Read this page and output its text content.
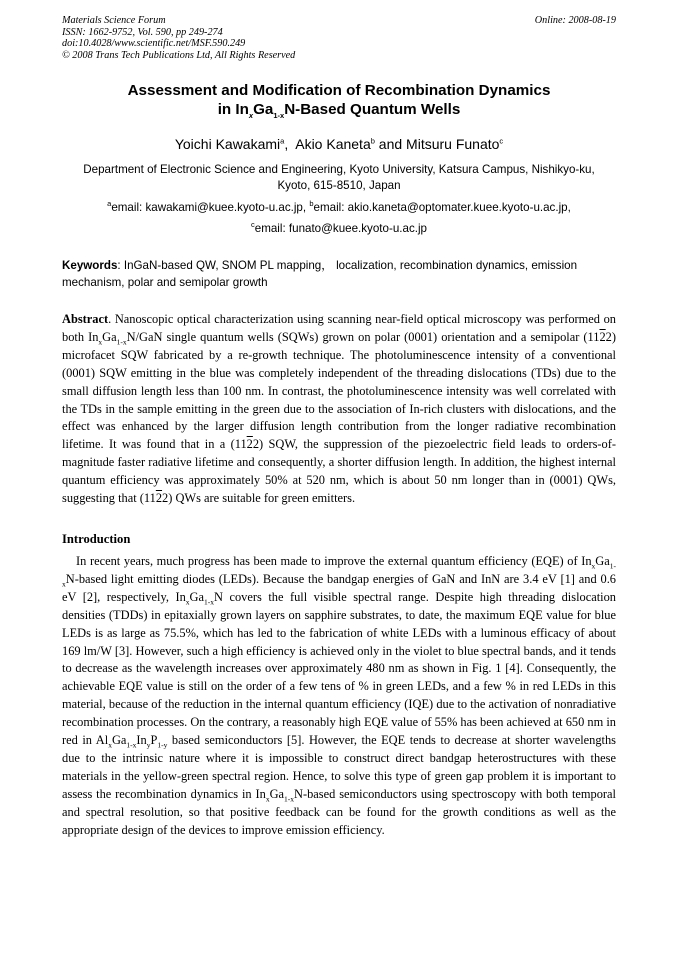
Materials Science Forum
ISSN: 1662-9752, Vol. 590, pp 249-274
doi:10.4028/www.scientific.net/MSF.590.249
© 2008 Trans Tech Publications Ltd, All Rights Reserved
Online: 2008-08-19
Assessment and Modification of Recombination Dynamics
in $In_xGa_{1-x}N$-Based Quantum Wells
Yoichi Kawakami$^a$, Akio Kaneta$^b$ and Mitsuru Funato$^c$
Department of Electronic Science and Engineering, Kyoto University, Katsura Campus, Nishikyo-ku,
Kyoto, 615-8510, Japan
$^a$email: kawakami@kuee.kyoto-u.ac.jp, $^b$email: akio.kaneta@optomater.kuee.kyoto-u.ac.jp,
$^c$email: funato@kuee.kyoto-u.ac.jp
Keywords: InGaN-based QW, SNOM PL mapping， localization, recombination dynamics, emission mechanism, polar and semipolar growth
Abstract. Nanoscopic optical characterization using scanning near-field optical microscopy was performed on both $In_xGa_{1-x}N$/GaN single quantum wells (SQWs) grown on polar (0001) orientation and a semipolar (1122) microfacet SQW fabricated by a re-growth technique. The photoluminescence intensity of a conventional (0001) SQW emitting in the blue was completely independent of the threading dislocations (TDs) due to the small diffusion length less than 100 nm. In contrast, the photoluminescence intensity was well correlated with the TDs in the sample emitting in the green due to the association of In-rich clusters with dislocations, and the effect was enhanced by the larger diffusion length contribution from the longer radiative recombination lifetime. It was found that in a (1122) SQW, the suppression of the piezoelectric field leads to orders-of-magnitude faster radiative lifetime and consequently, a shorter diffusion length. In addition, the highest internal quantum efficiency was approximately 50% at 520 nm, which is about 50 nm longer than in (0001) QWs, suggesting that (1122) QWs are suitable for green emitters.
Introduction
In recent years, much progress has been made to improve the external quantum efficiency (EQE) of $In_xGa_{1-x}N$-based light emitting diodes (LEDs). Because the bandgap energies of GaN and InN are 3.4 eV [1] and 0.6 eV [2], respectively, $In_xGa_{1-x}N$ covers the full visible spectral range. Despite high threading dislocation densities (TDDs) in epitaxially grown layers on sapphire substrates, to date, the maximum EQE value for blue LEDs is as large as 75.5%, which has led to the fabrication of white LEDs with a luminous efficacy of about 169 lm/W [3]. However, such a high efficiency is achieved only in the violet to blue spectral bands, and it tends to decrease as the wavelength increases over approximately 480 nm as shown in Fig. 1 [4]. Consequently, the achievable EQE value is still on the order of a few tens of % in green LEDs, and a few % in red LEDs in this material, because of the reduction in the internal quantum efficiency (IQE) due to the activation of nonradiative recombination processes. On the contrary, a reasonably high EQE value of 55% has been achieved at 650 nm in red in $Al_xGa_{1-x}In_yP_{1-y}$ based semiconductors [5]. However, the EQE tends to decrease at shorter wavelengths due to the intrinsic nature where it is impossible to construct direct bandgap heterostructures with these materials in the yellow-green spectral region. Hence, to solve this type of green gap problem it is important to assess the recombination dynamics in $In_xGa_{1-x}N$-based semiconductors using spectroscopy with both temporal and spectral resolution, so that positive feedback can be found for the growth conditions as well as the appropriate design of the devices to improve emission efficiency.
